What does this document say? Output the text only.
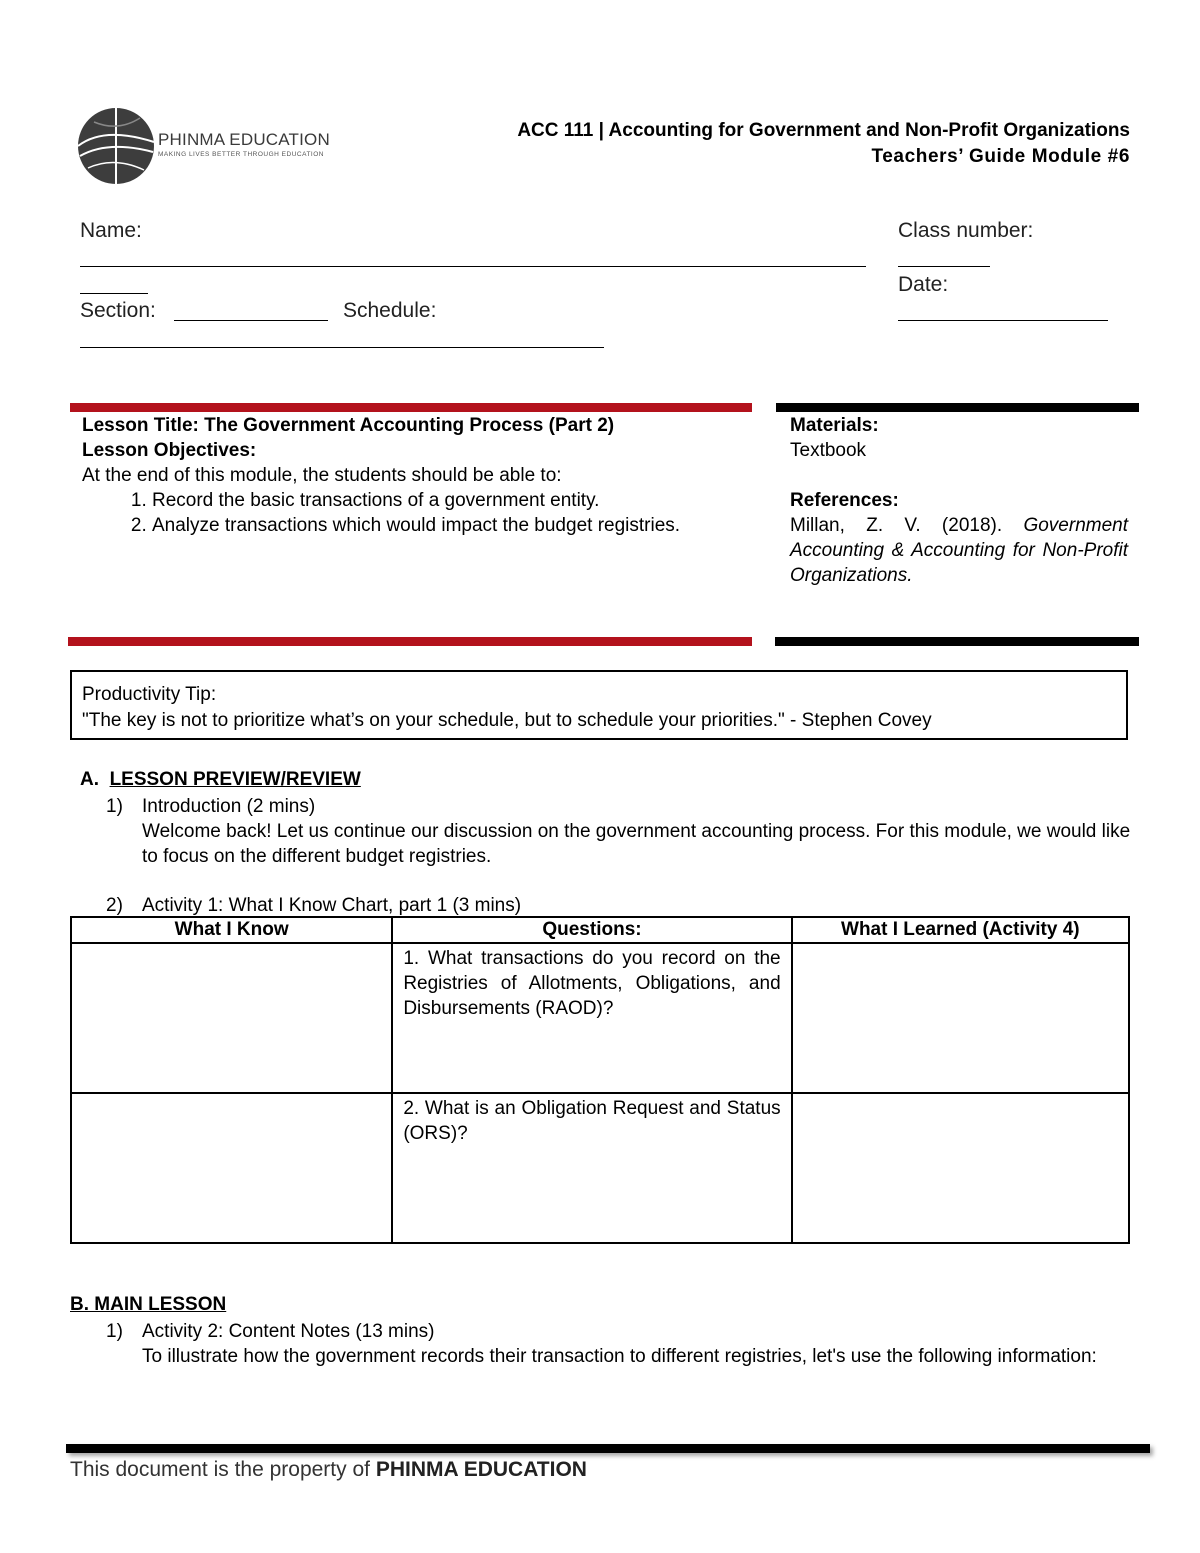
PHINMA EDUCATION
MAKING LIVES BETTER THROUGH EDUCATION
ACC 111 | Accounting for Government and Non-Profit Organizations
Teachers’ Guide Module #6
Name:	Class number:
Date:
Section:	Schedule:
Lesson Title: The Government Accounting Process (Part 2)
Lesson Objectives:
At the end of this module, the students should be able to:
1. Record the basic transactions of a government entity.
2. Analyze transactions which would impact the budget registries.
Materials:
Textbook
References:
Millan, Z. V. (2018). Government Accounting & Accounting for Non-Profit Organizations.
Productivity Tip:
"The key is not to prioritize what’s on your schedule, but to schedule your priorities." - Stephen Covey
A. LESSON PREVIEW/REVIEW
1) Introduction (2 mins)
Welcome back! Let us continue our discussion on the government accounting process. For this module, we would like to focus on the different budget registries.
2) Activity 1: What I Know Chart, part 1 (3 mins)
What I Know	Questions:	What I Learned (Activity 4)
	1. What transactions do you record on the Registries of Allotments, Obligations, and Disbursements (RAOD)?	
	2. What is an Obligation Request and Status (ORS)?	
B. MAIN LESSON
1) Activity 2: Content Notes (13 mins)
To illustrate how the government records their transaction to different registries, let's use the following information:
This document is the property of PHINMA EDUCATION
